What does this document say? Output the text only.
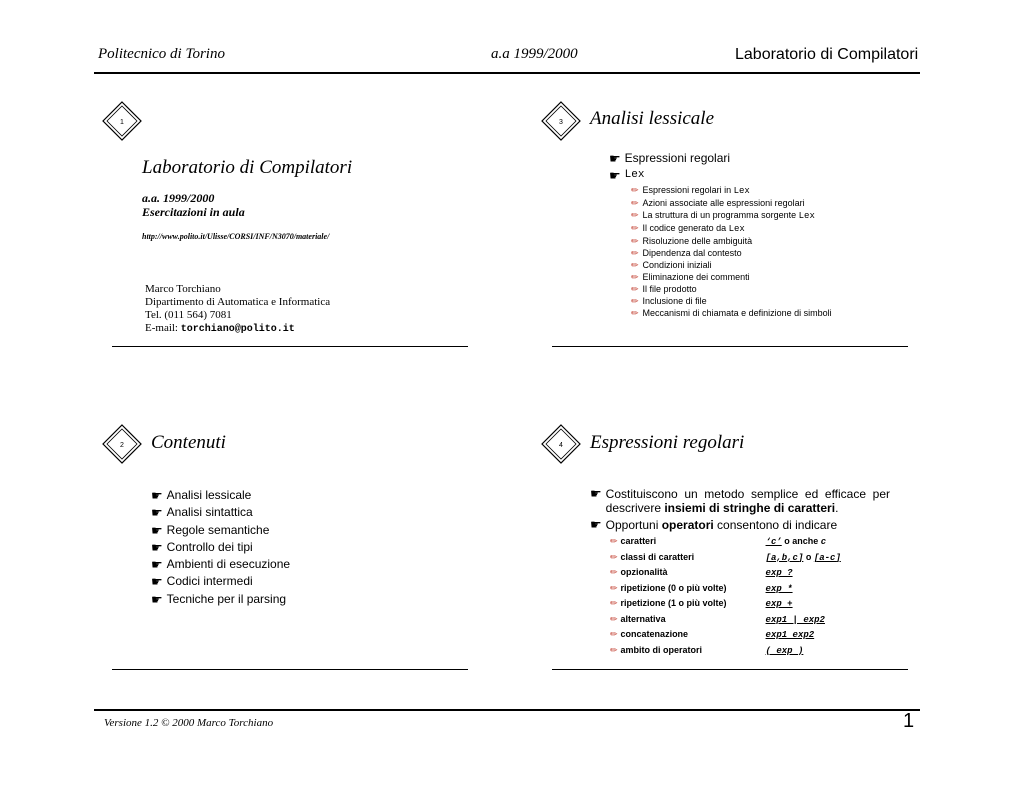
Politecnico di Torino	a.a 1999/2000	Laboratorio di Compilatori
1
Laboratorio di Compilatori
a.a. 1999/2000
Esercitazioni in aula
http://www.polito.it/Ulisse/CORSI/INF/N3070/materiale/
Marco Torchiano
Dipartimento di Automatica e Informatica
Tel. (011 564) 7081
E-mail: torchiano@polito.it
3 Analisi lessicale
☛ Espressioni regolari
☛ Lex
✏ Espressioni regolari in Lex
✏ Azioni associate alle espressioni regolari
✏ La struttura di un programma sorgente Lex
✏ Il codice generato da Lex
✏ Risoluzione delle ambiguità
✏ Dipendenza dal contesto
✏ Condizioni iniziali
✏ Eliminazione dei commenti
✏ Il file prodotto
✏ Inclusione di file
✏ Meccanismi di chiamata e definizione di simboli
2 Contenuti
☛ Analisi lessicale
☛ Analisi sintattica
☛ Regole semantiche
☛ Controllo dei tipi
☛ Ambienti di esecuzione
☛ Codici intermedi
☛ Tecniche per il parsing
4 Espressioni regolari
☛ Costituiscono un metodo semplice ed efficace per descrivere insiemi di stringhe di caratteri.
☛ Opportuni operatori consentono di indicare
✏	caratteri	‘c’ o anche c
✏	classi di caratteri	[a,b,c] o [a-c]
✏	opzionalità	exp ?
✏	ripetizione (0 o più volte)	exp *
✏	ripetizione (1 o più volte)	exp +
✏	alternativa	exp1 | exp2
✏	concatenazione	exp1 exp2
✏	ambito di operatori	( exp )
Versione 1.2 © 2000 Marco Torchiano	1
